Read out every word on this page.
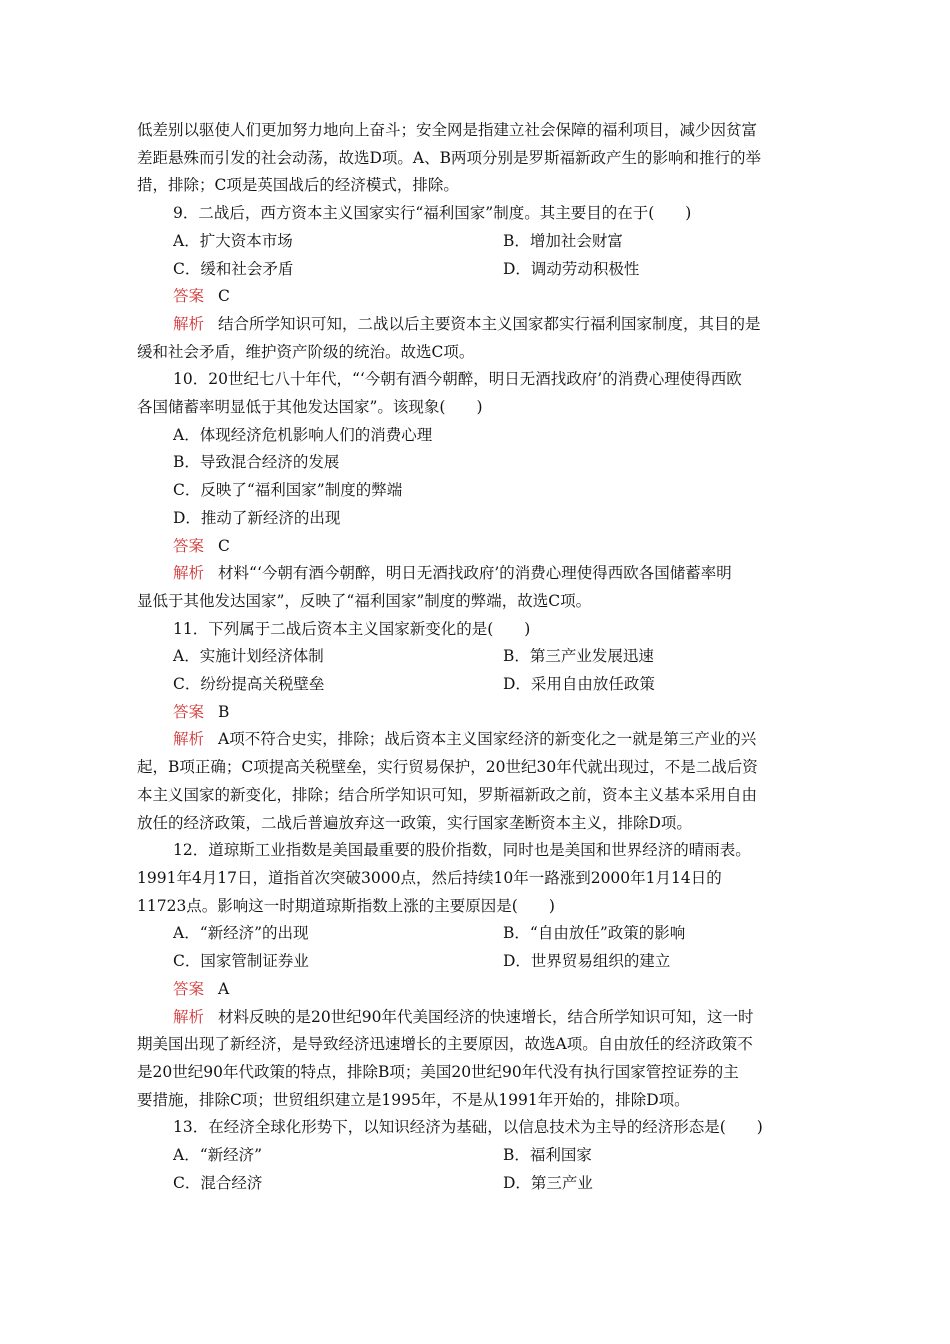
低差别以驱使人们更加努力地向上奋斗；安全网是指建立社会保障的福利项目，减少因贫富
差距悬殊而引发的社会动荡，故选D项。A、B两项分别是罗斯福新政产生的影响和推行的举
措，排除；C项是英国战后的经济模式，排除。
9．二战后，西方资本主义国家实行“福利国家”制度。其主要目的在于(　　)
A．扩大资本市场	B．增加社会财富
C．缓和社会矛盾	D．调动劳动积极性
答案 C
解析 结合所学知识可知，二战以后主要资本主义国家都实行福利国家制度，其目的是
缓和社会矛盾，维护资产阶级的统治。故选C项。
10．20世纪七八十年代，“‘今朝有酒今朝醉，明日无酒找政府’的消费心理使得西欧
各国储蓄率明显低于其他发达国家”。该现象(　　)
A．体现经济危机影响人们的消费心理
B．导致混合经济的发展
C．反映了“福利国家”制度的弊端
D．推动了新经济的出现
答案 C
解析 材料“‘今朝有酒今朝醉，明日无酒找政府’的消费心理使得西欧各国储蓄率明
显低于其他发达国家”，反映了“福利国家”制度的弊端，故选C项。
11．下列属于二战后资本主义国家新变化的是(　　)
A．实施计划经济体制	B．第三产业发展迅速
C．纷纷提高关税壁垒	D．采用自由放任政策
答案 B
解析 A项不符合史实，排除；战后资本主义国家经济的新变化之一就是第三产业的兴
起，B项正确；C项提高关税壁垒，实行贸易保护，20世纪30年代就出现过，不是二战后资
本主义国家的新变化，排除；结合所学知识可知，罗斯福新政之前，资本主义基本采用自由
放任的经济政策，二战后普遍放弃这一政策，实行国家垄断资本主义，排除D项。
12．道琼斯工业指数是美国最重要的股价指数，同时也是美国和世界经济的晴雨表。
1991年4月17日，道指首次突破3000点，然后持续10年一路涨到2000年1月14日的
11723点。影响这一时期道琼斯指数上涨的主要原因是(　　)
A．“新经济”的出现	B．“自由放任”政策的影响
C．国家管制证券业	D．世界贸易组织的建立
答案 A
解析 材料反映的是20世纪90年代美国经济的快速增长，结合所学知识可知，这一时
期美国出现了新经济，是导致经济迅速增长的主要原因，故选A项。自由放任的经济政策不
是20世纪90年代政策的特点，排除B项；美国20世纪90年代没有执行国家管控证券的主
要措施，排除C项；世贸组织建立是1995年，不是从1991年开始的，排除D项。
13．在经济全球化形势下，以知识经济为基础，以信息技术为主导的经济形态是(　　)
A．“新经济”	B．福利国家
C．混合经济	D．第三产业
